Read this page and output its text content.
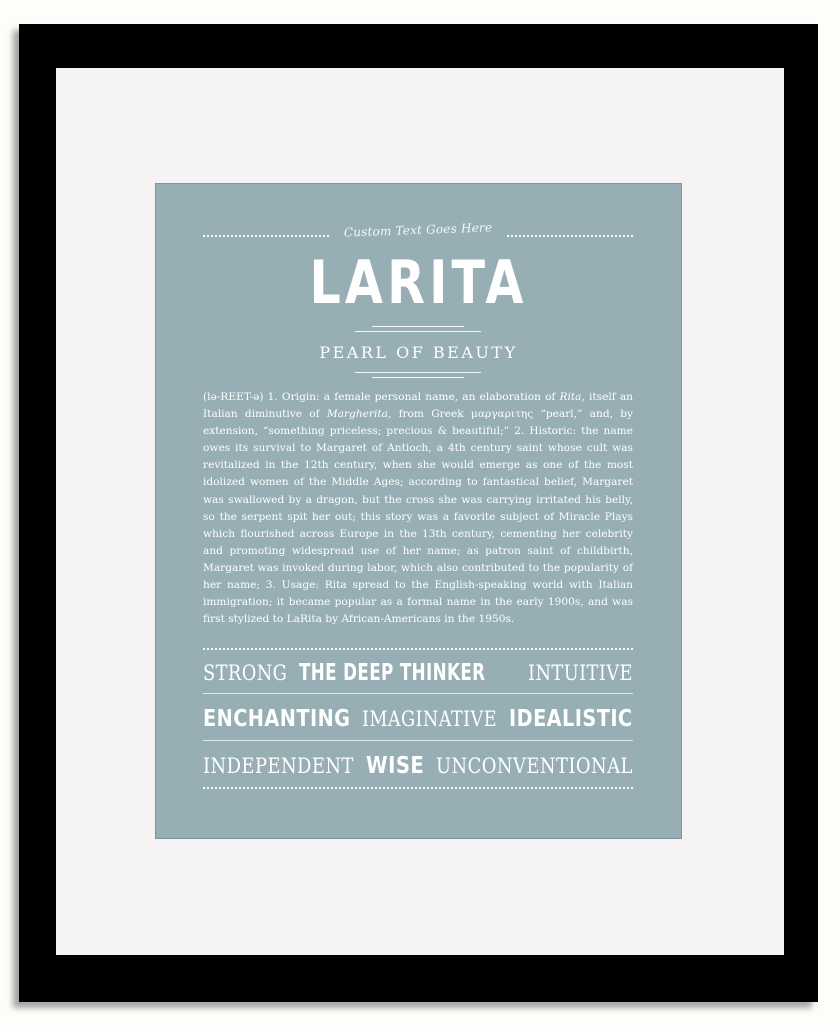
Custom Text Goes Here
LARITA
PEARL OF BEAUTY
(lə-REET-ə) 1. Origin: a female personal name, an elaboration of Rita, itself an Italian diminutive of Margherita, from Greek μαργαριτης “pearl,” and, by extension, “something priceless; precious & beautiful;” 2. Historic: the name owes its survival to Margaret of Antioch, a 4th century saint whose cult was revitalized in the 12th century, when she would emerge as one of the most idolized women of the Middle Ages; according to fantastical belief, Margaret was swallowed by a dragon, but the cross she was carrying irritated his belly, so the serpent spit her out; this story was a favorite subject of Miracle Plays which flourished across Europe in the 13th century, cementing her celebrity and promoting widespread use of her name; as patron saint of childbirth, Margaret was invoked during labor, which also contributed to the popularity of her name; 3. Usage: Rita spread to the English-speaking world with Italian immigration; it became popular as a formal name in the early 1900s, and was first stylized to LaRita by African-Americans in the 1950s.
STRONG THE DEEP THINKER INTUITIVE
ENCHANTING IMAGINATIVE IDEALISTIC
INDEPENDENT WISE UNCONVENTIONAL
